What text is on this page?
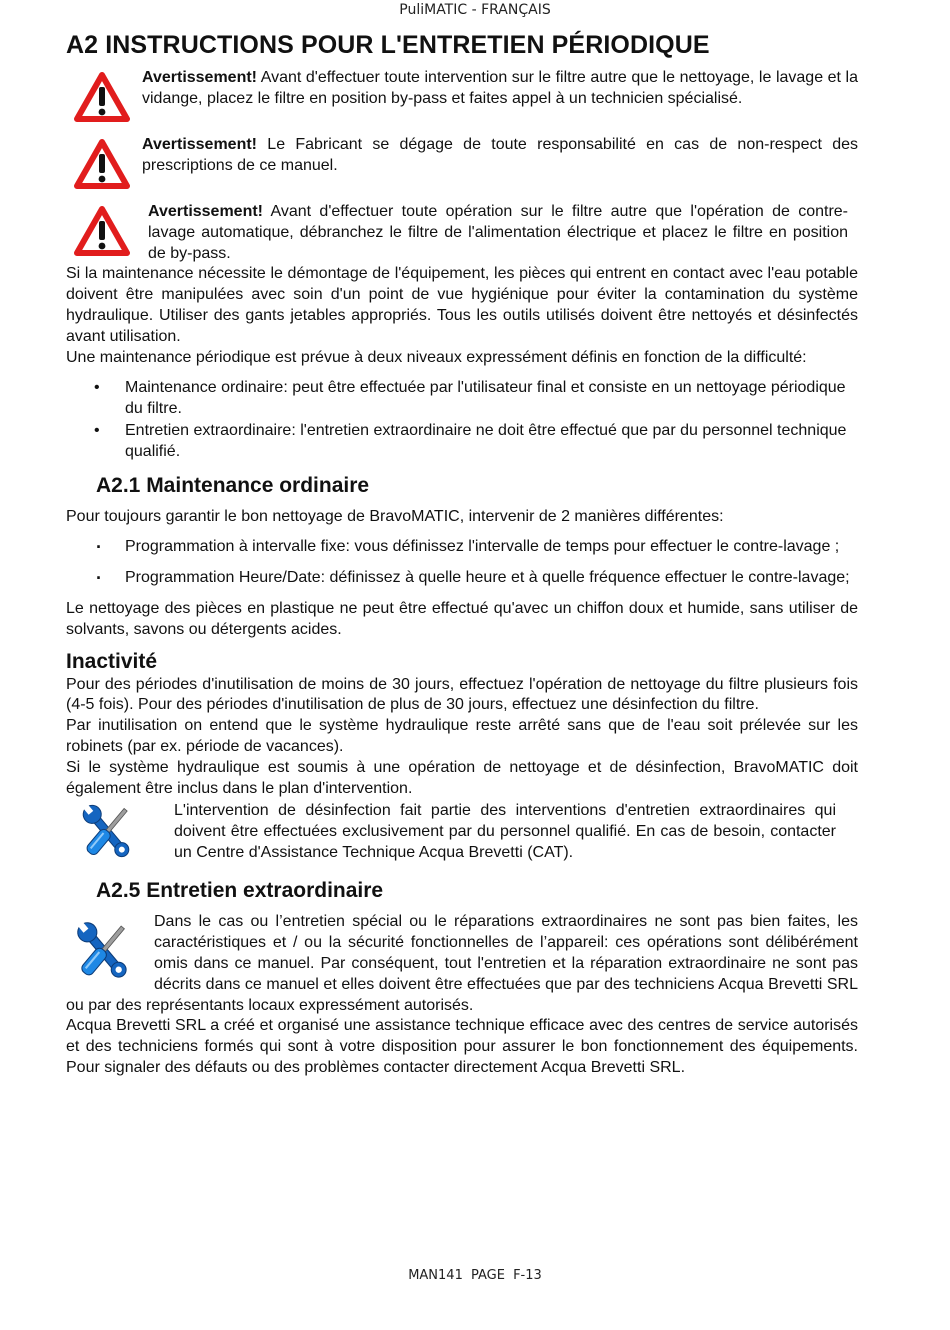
PuliMATIC - FRANÇAIS
A2 INSTRUCTIONS POUR L'ENTRETIEN PÉRIODIQUE
Avertissement! Avant d'effectuer toute intervention sur le filtre autre que le nettoyage, le lavage et la vidange, placez le filtre en position by-pass et faites appel à un technicien spécialisé.
Avertissement! Le Fabricant se dégage de toute responsabilité en cas de non-respect des prescriptions de ce manuel.
Avertissement! Avant d'effectuer toute opération sur le filtre autre que l'opération de contre-lavage automatique, débranchez le filtre de l'alimentation électrique et placez le filtre en position de by-pass.

Si la maintenance nécessite le démontage de l'équipement, les pièces qui entrent en contact avec l'eau potable doivent être manipulées avec soin d'un point de vue hygiénique pour éviter la contamination du système hydraulique. Utiliser des gants jetables appropriés. Tous les outils utilisés doivent être nettoyés et désinfectés avant utilisation.

Une maintenance périodique est prévue à deux niveaux expressément définis en fonction de la difficulté:

• Maintenance ordinaire: peut être effectuée par l'utilisateur final et consiste en un nettoyage périodique du filtre.
• Entretien extraordinaire: l'entretien extraordinaire ne doit être effectué que par du personnel technique qualifié.
A2.1 Maintenance ordinaire

Pour toujours garantir le bon nettoyage de BravoMATIC, intervenir de 2 manières différentes:

· Programmation à intervalle fixe: vous définissez l'intervalle de temps pour effectuer le contre-lavage ;
· Programmation Heure/Date: définissez à quelle heure et à quelle fréquence effectuer le contre-lavage;

Le nettoyage des pièces en plastique ne peut être effectué qu'avec un chiffon doux et humide, sans utiliser de solvants, savons ou détergents acides.

Inactivité

Pour des périodes d'inutilisation de moins de 30 jours, effectuez l'opération de nettoyage du filtre plusieurs fois (4-5 fois). Pour des périodes d'inutilisation de plus de 30 jours, effectuez une désinfection du filtre.

Par inutilisation on entend que le système hydraulique reste arrêté sans que de l'eau soit prélevée sur les robinets (par ex. période de vacances).

Si le système hydraulique est soumis à une opération de nettoyage et de désinfection, BravoMATIC doit également être inclus dans le plan d'intervention.

L'intervention de désinfection fait partie des interventions d'entretien extraordinaires qui doivent être effectuées exclusivement par du personnel qualifié. En cas de besoin, contacter un Centre d'Assistance Technique Acqua Brevetti (CAT).
A2.5 Entretien extraordinaire
Dans le cas ou l’entretien spécial ou le réparations extraordinaires ne sont pas bien faites, les caractéristiques et / ou la sécurité fonctionnelles de l’appareil: ces opérations sont délibérément omis dans ce manuel. Par conséquent, tout l'entretien et la réparation extraordinaire ne sont pas décrits dans ce manuel et elles doivent être effectuées que par des techniciens Acqua Brevetti SRL ou par des représentants locaux expressément autorisés.

Acqua Brevetti SRL a créé et organisé une assistance technique efficace avec des centres de service autorisés et des techniciens formés qui sont à votre disposition pour assurer le bon fonctionnement des équipements. Pour signaler des défauts ou des problèmes contacter directement Acqua Brevetti SRL.

MAN141 PAGE F-13
